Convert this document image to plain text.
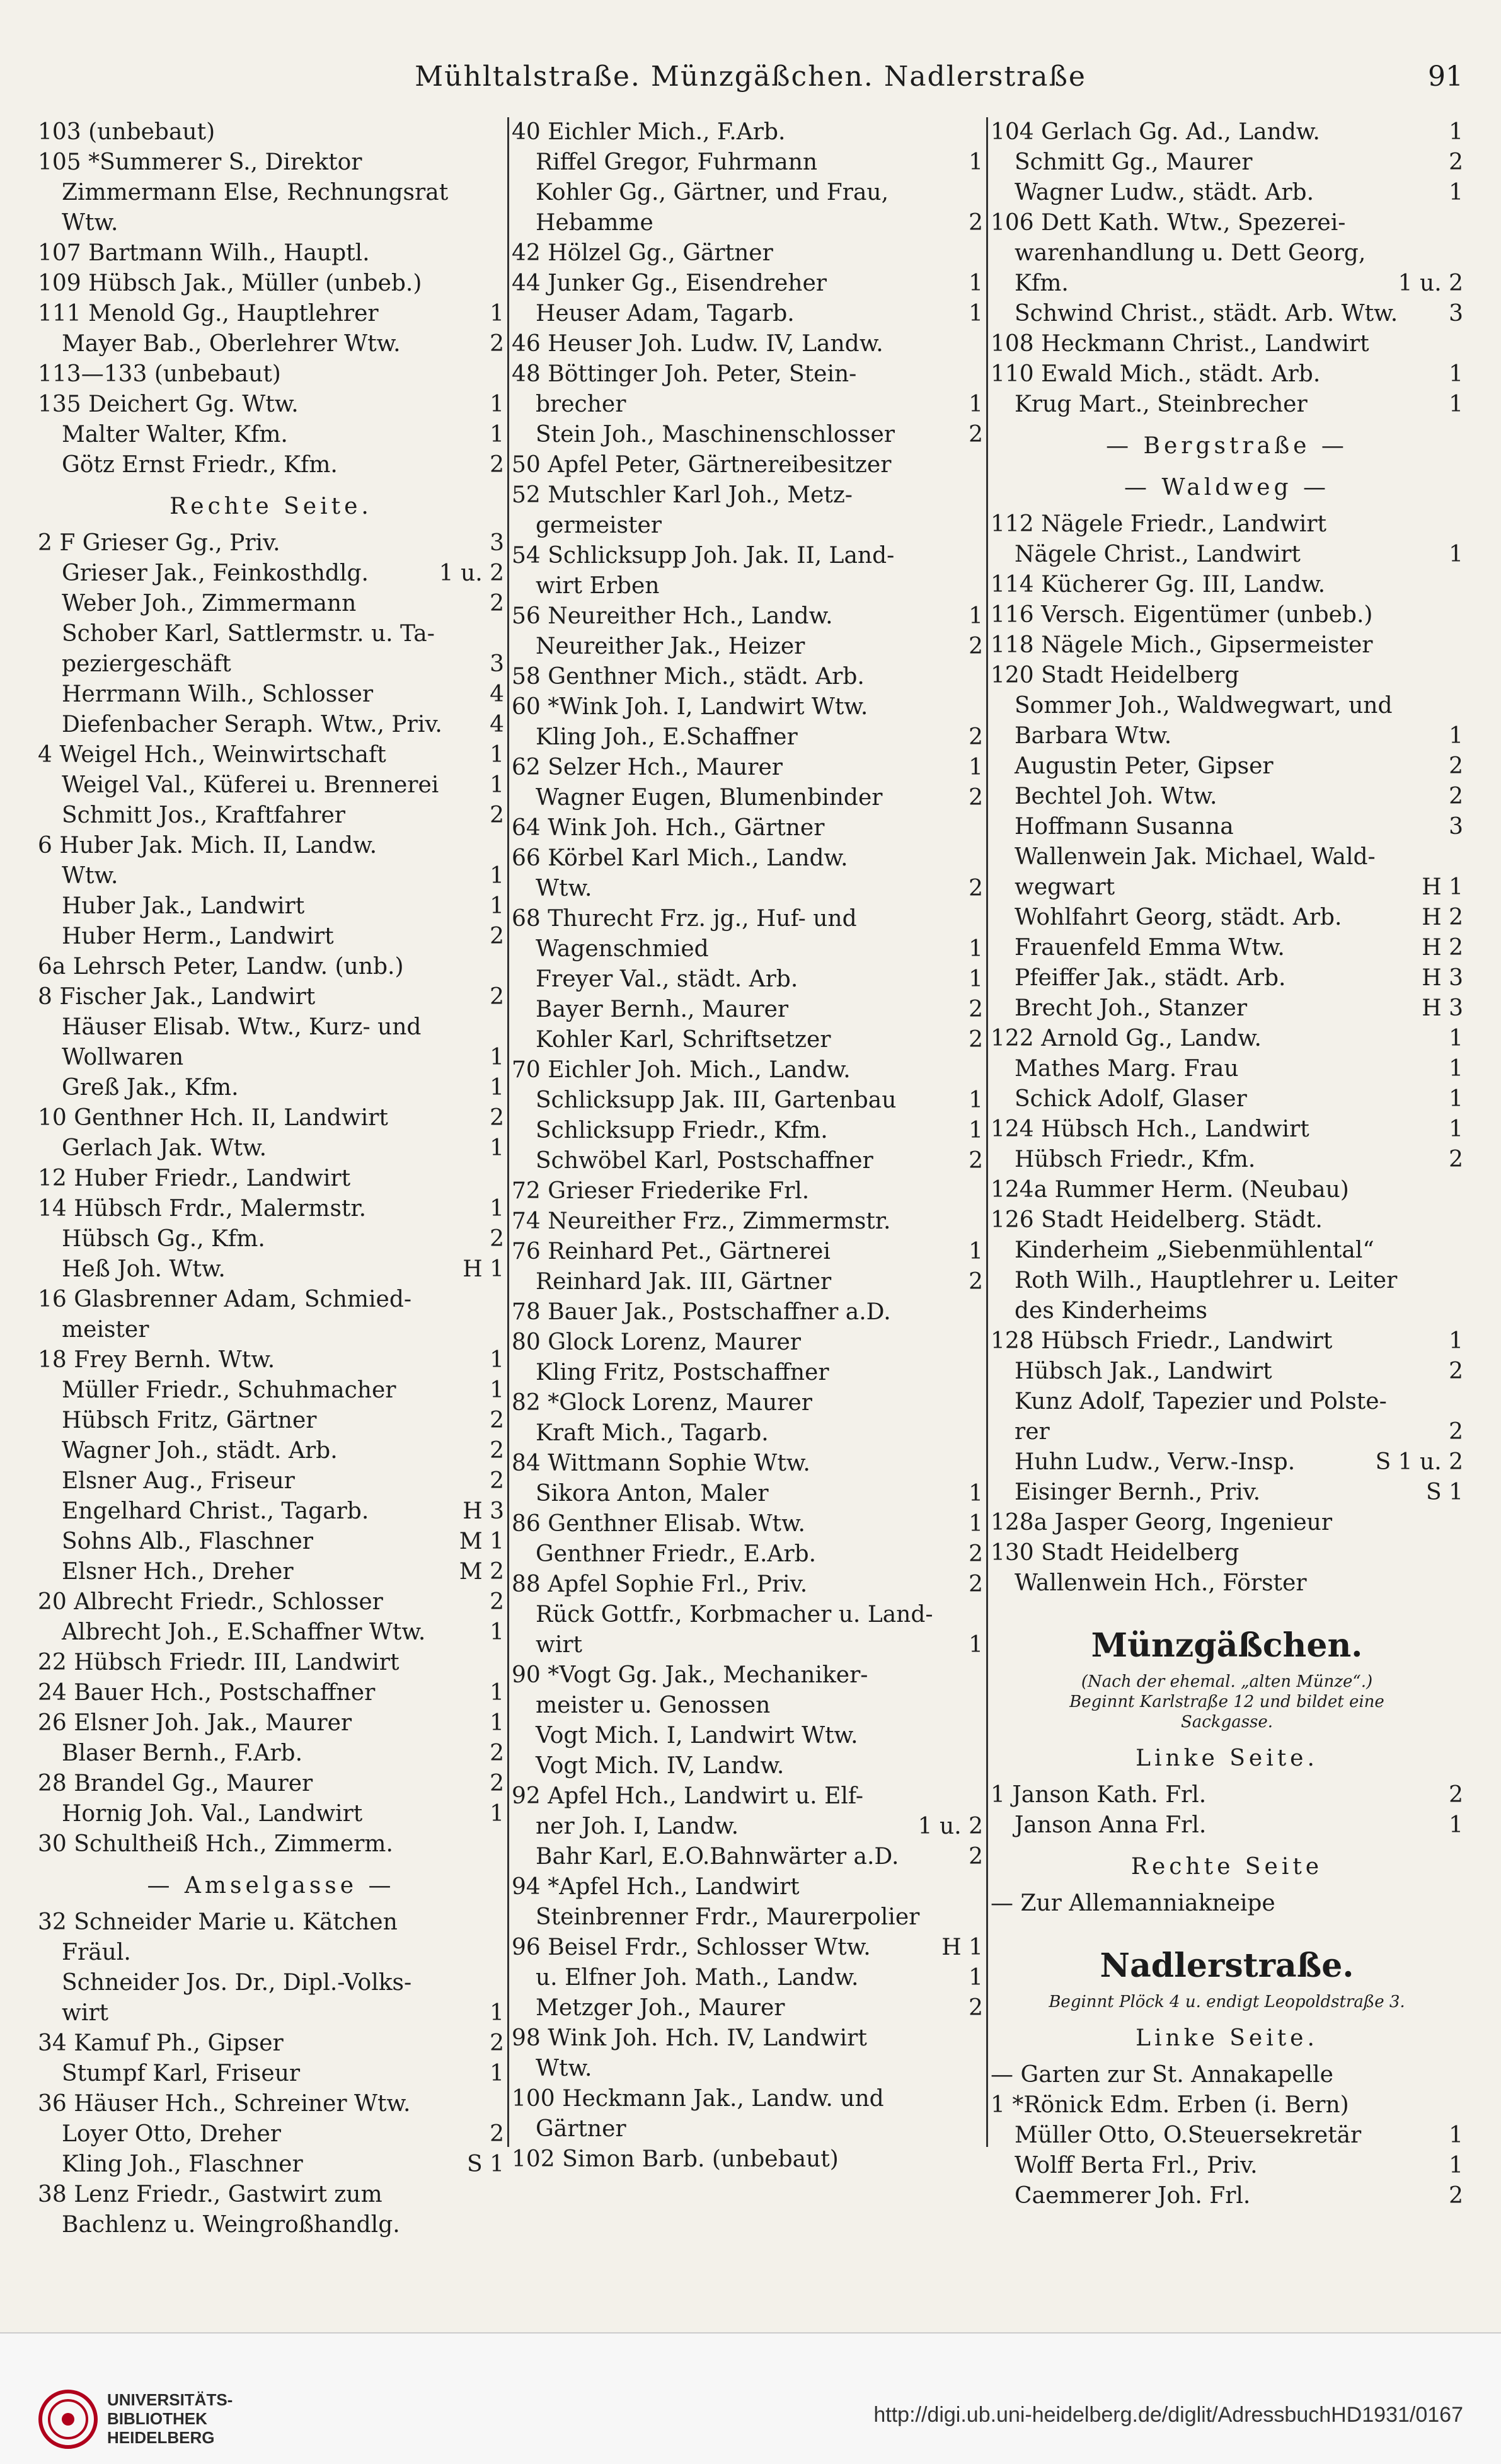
Mühltalstraße. Münzgäßchen. Nadlerstraße	91
103 (unbebaut)
105 *Summerer S., Direktor
Zimmermann Else, Rechnungsrat
Wtw.
107 Bartmann Wilh., Hauptl.
109 Hübsch Jak., Müller (unbeb.)
111 Menold Gg., Hauptlehrer	1
Mayer Bab., Oberlehrer Wtw.	2
113—133 (unbebaut)
135 Deichert Gg. Wtw.	1
Malter Walter, Kfm.	1
Götz Ernst Friedr., Kfm.	2
Rechte Seite.
2 F Grieser Gg., Priv.	3
Grieser Jak., Feinkosthdlg.	1 u. 2
Weber Joh., Zimmermann	2
Schober Karl, Sattlermstr. u. Ta-
peziergeschäft	3
Herrmann Wilh., Schlosser	4
Diefenbacher Seraph. Wtw., Priv. 4
4 Weigel Hch., Weinwirtschaft	1
Weigel Val., Küferei u. Brennerei 1
Schmitt Jos., Kraftfahrer	2
6 Huber Jak. Mich. II, Landw.
Wtw.	1
Huber Jak., Landwirt	1
Huber Herm., Landwirt	2
6a Lehrsch Peter, Landw. (unb.)
8 Fischer Jak., Landwirt	2
Häuser Elisab. Wtw., Kurz- und
Wollwaren	1
Greß Jak., Kfm.	1
10 Genthner Hch. II, Landwirt	2
Gerlach Jak. Wtw.	1
12 Huber Friedr., Landwirt
14 Hübsch Frdr., Malermstr.	1
Hübsch Gg., Kfm.	2
Heß Joh. Wtw.	H 1
16 Glasbrenner Adam, Schmied-
meister
18 Frey Bernh. Wtw.	1
Müller Friedr., Schuhmacher	1
Hübsch Fritz, Gärtner	2
Wagner Joh., städt. Arb.	2
Elsner Aug., Friseur	2
Engelhard Christ., Tagarb.	H 3
Sohns Alb., Flaschner	M 1
Elsner Hch., Dreher	M 2
20 Albrecht Friedr., Schlosser	2
Albrecht Joh., E.Schaffner Wtw.	1
22 Hübsch Friedr. III, Landwirt
24 Bauer Hch., Postschaffner	1
26 Elsner Joh. Jak., Maurer	1
Blaser Bernh., F.Arb.	2
28 Brandel Gg., Maurer	2
Hornig Joh. Val., Landwirt	1
30 Schultheiß Hch., Zimmerm.
— Amselgasse —
32 Schneider Marie u. Kätchen
Fräul.
Schneider Jos. Dr., Dipl.-Volks-
wirt	1
34 Kamuf Ph., Gipser	2
Stumpf Karl, Friseur	1
36 Häuser Hch., Schreiner Wtw.
Loyer Otto, Dreher	2
Kling Joh., Flaschner	S 1
38 Lenz Friedr., Gastwirt zum
Bachlenz u. Weingroßhandlg.
40 Eichler Mich., F.Arb.
Riffel Gregor, Fuhrmann	1
Kohler Gg., Gärtner, und Frau,
Hebamme	2
42 Hölzel Gg., Gärtner
44 Junker Gg., Eisendreher	1
Heuser Adam, Tagarb.	1
46 Heuser Joh. Ludw. IV, Landw.
48 Böttinger Joh. Peter, Stein-
brecher	1
Stein Joh., Maschinenschlosser	2
50 Apfel Peter, Gärtnereibesitzer
52 Mutschler Karl Joh., Metz-
germeister
54 Schlicksupp Joh. Jak. II, Land-
wirt Erben
56 Neureither Hch., Landw.	1
Neureither Jak., Heizer	2
58 Genthner Mich., städt. Arb.
60 *Wink Joh. I, Landwirt Wtw.
Kling Joh., E.Schaffner	2
62 Selzer Hch., Maurer	1
Wagner Eugen, Blumenbinder	2
64 Wink Joh. Hch., Gärtner
66 Körbel Karl Mich., Landw.
Wtw.	2
68 Thurecht Frz. jg., Huf- und
Wagenschmied	1
Freyer Val., städt. Arb.	1
Bayer Bernh., Maurer	2
Kohler Karl, Schriftsetzer	2
70 Eichler Joh. Mich., Landw.
Schlicksupp Jak. III, Gartenbau	1
Schlicksupp Friedr., Kfm.	1
Schwöbel Karl, Postschaffner	2
72 Grieser Friederike Frl.
74 Neureither Frz., Zimmermstr.
76 Reinhard Pet., Gärtnerei	1
Reinhard Jak. III, Gärtner	2
78 Bauer Jak., Postschaffner a.D.
80 Glock Lorenz, Maurer
Kling Fritz, Postschaffner
82 *Glock Lorenz, Maurer
Kraft Mich., Tagarb.
84 Wittmann Sophie Wtw.
Sikora Anton, Maler	1
86 Genthner Elisab. Wtw.	1
Genthner Friedr., E.Arb.	2
88 Apfel Sophie Frl., Priv.	2
Rück Gottfr., Korbmacher u. Land-
wirt	1
90 *Vogt Gg. Jak., Mechaniker-
meister u. Genossen
Vogt Mich. I, Landwirt Wtw.
Vogt Mich. IV, Landw.
92 Apfel Hch., Landwirt u. Elf-
ner Joh. I, Landw.	1 u. 2
Bahr Karl, E.O.Bahnwärter a.D.	2
94 *Apfel Hch., Landwirt
Steinbrenner Frdr., Maurerpolier
96 Beisel Frdr., Schlosser Wtw.	H 1
u. Elfner Joh. Math., Landw.	1
Metzger Joh., Maurer	2
98 Wink Joh. Hch. IV, Landwirt
Wtw.
100 Heckmann Jak., Landw. und
Gärtner
102 Simon Barb. (unbebaut)
104 Gerlach Gg. Ad., Landw.	1
Schmitt Gg., Maurer	2
Wagner Ludw., städt. Arb.	1
106 Dett Kath. Wtw., Spezerei-
warenhandlung u. Dett Georg,
Kfm.	1 u. 2
Schwind Christ., städt. Arb. Wtw. 3
108 Heckmann Christ., Landwirt
110 Ewald Mich., städt. Arb.	1
Krug Mart., Steinbrecher	1
— Bergstraße —
— Waldweg —
112 Nägele Friedr., Landwirt
Nägele Christ., Landwirt	1
114 Kücherer Gg. III, Landw.
116 Versch. Eigentümer (unbeb.)
118 Nägele Mich., Gipsermeister
120 Stadt Heidelberg
Sommer Joh., Waldwegwart, und
Barbara Wtw.	1
Augustin Peter, Gipser	2
Bechtel Joh. Wtw.	2
Hoffmann Susanna	3
Wallenwein Jak. Michael, Wald-
wegwart	H 1
Wohlfahrt Georg, städt. Arb.	H 2
Frauenfeld Emma Wtw.	H 2
Pfeiffer Jak., städt. Arb.	H 3
Brecht Joh., Stanzer	H 3
122 Arnold Gg., Landw.	1
Mathes Marg. Frau	1
Schick Adolf, Glaser	1
124 Hübsch Hch., Landwirt	1
Hübsch Friedr., Kfm.	2
124a Rummer Herm. (Neubau)
126 Stadt Heidelberg. Städt.
Kinderheim „Siebenmühlental“
Roth Wilh., Hauptlehrer u. Leiter
des Kinderheims
128 Hübsch Friedr., Landwirt	1
Hübsch Jak., Landwirt	2
Kunz Adolf, Tapezier und Polste-
rer	2
Huhn Ludw., Verw.-Insp.	S 1 u. 2
Eisinger Bernh., Priv.	S 1
128a Jasper Georg, Ingenieur
130 Stadt Heidelberg
Wallenwein Hch., Förster
Münzgäßchen.
(Nach der ehemal. „alten Münze“.)
Beginnt Karlstraße 12 und bildet eine
Sackgasse.
Linke Seite.
1 Janson Kath. Frl.	2
Janson Anna Frl.	1
Rechte Seite
— Zur Allemanniakneipe
Nadlerstraße.
Beginnt Plöck 4 u. endigt Leopoldstraße 3.
Linke Seite.
— Garten zur St. Annakapelle
1 *Rönick Edm. Erben (i. Bern)
Müller Otto, O.Steuersekretär	1
Wolff Berta Frl., Priv.	1
Caemmerer Joh. Frl.	2
UNIVERSITÄTS-
BIBLIOTHEK
HEIDELBERG
http://digi.ub.uni-heidelberg.de/diglit/AdressbuchHD1931/0167
